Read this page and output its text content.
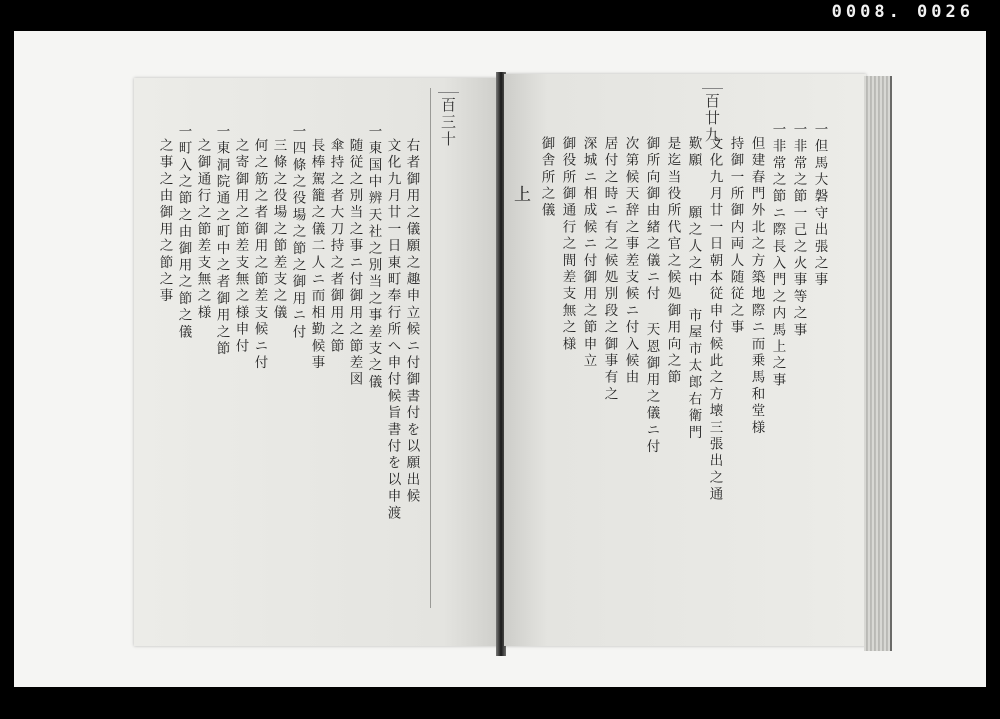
0008. 0026
百三十
右者御用之儀願之趣申立候ニ付御書付を以願出候
文化九月廿一日東町奉行所へ申付候旨書付を以申渡
一東国中辨天社之別当之事差支之儀
随従之別当之事ニ付御用之節差図
傘持之者大刀持之者御用之節
長棒駕籠之儀二人ニ而相勤候事
一四條之役場之節之御用ニ付
三條之役場之節差支之儀
何之筋之者御用之節差支候ニ付
之寄御用之節差支無之様申付
一東洞院通之町中之者御用之節
之御通行之節差支無之様
一町入之節之由御用之節之儀
之事之由御用之節之事
百廿九
上	一但馬大磐守出張之事
一非常之節一己之火事等之事
一非常之節ニ際長入門之内馬上之事
但建春門外北之方築地際ニ而乗馬和堂様
持御一所御内両人随従之事
文化九月廿一日朝本従申付候此之方壊三張出之通
歎願 　願之人之中 市屋市太郎右衛門
是迄当役所代官之候処御用向之節
御所向御由緒之儀ニ付 天恩御用之儀ニ付
次第候天辞之事差支候ニ付入候由
居付之時ニ有之候処別段之御事有之
深城ニ相成候ニ付御用之節申立
御役所御通行之間差支無之様
御舎所之儀
